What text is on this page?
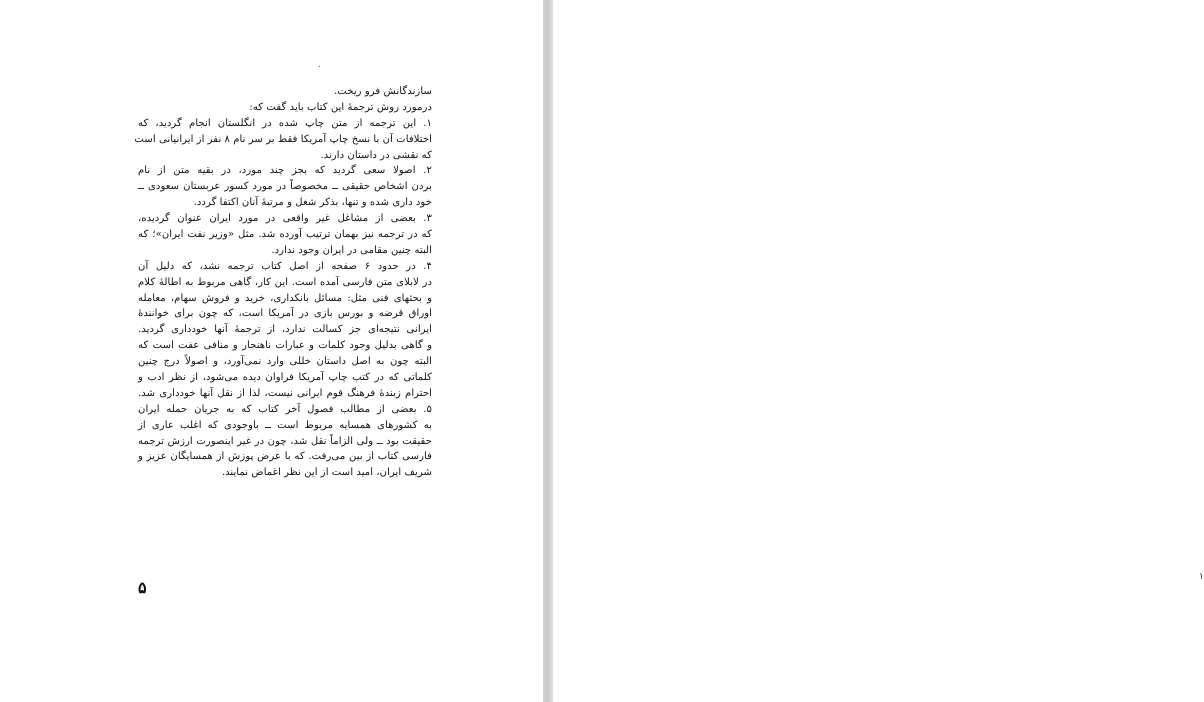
.
سازندگانش فرو ریخت.
درمورد روش ترجمهٔ این کتاب باید گفت که:
۱. این ترجمه از متن چاپ شده در انگلستان انجام گردید، که
اختلافات آن با نسخ چاپ آمریکا فقط بر سر نام ۸ نفر از ایرانیانی است
که نقشی در داستان دارند.
۲. اصولا سعی گردید که بجز چند مورد، در بقیه متن از نام
بردن اشخاص حقیقی ــ مخصوصاً در مورد کسور عربستان سعودی ــ
خود داری شده و تنها، بذکر شغل و مرتبهٔ آنان اکتفا گردد.
۳. بعضی از مشاغل غیر واقعی در مورد ایران عنوان گردیده،
که در ترجمه نیز بهمان ترتیب آورده شد. مثل «وزیر نفت ایران»؛ که
البته چنین مقامی در ایران وجود ندارد.
۴. در حدود ۶ صفحه از اصل کتاب ترجمه نشد، که دلیل آن
در لابلای متن فارسی آمده است. این کار، گاهی مربوط به اطالهٔ کلام
و بحثهای فنی مثل: مسائل بانکداری، خرید و فروش سهام، معامله
اوراق قرضه و بورس بازی در آمریکا است، که چون برای خوانندهٔ
ایرانی نتیجه‌ای جز کسالت ندارد، از ترجمهٔ آنها خودداری گردید.
و گاهی بدلیل وجود کلمات و عبارات ناهنجار و منافی عفت است که
البته چون به اصل داستان خللی وارد نمی‌آورد، و اصولاً درج چنین
کلماتی که در کتب چاپ آمریکا فراوان دیده می‌شود، از نظر ادب و
احترام زبندهٔ فرهنگ قوم ایرانی نیست، لذا از نقل آنها خودداری شد.
۵. بعضی از مطالب فصول آخر کتاب که به جریان حمله ایران
به کشورهای همسایه مربوط است ــ باوجودی که اغلب عاری از
حقیقت بود ــ ولی الزاماً نقل شد، چون در غیر اینصورت ارزش ترجمه
فارسی کتاب از بین می‌رفت. که با عرض پوزش از همسایگان عزیز و
شریف ایران، امید است از این نظر اغماض نمایند.
۵
۱
